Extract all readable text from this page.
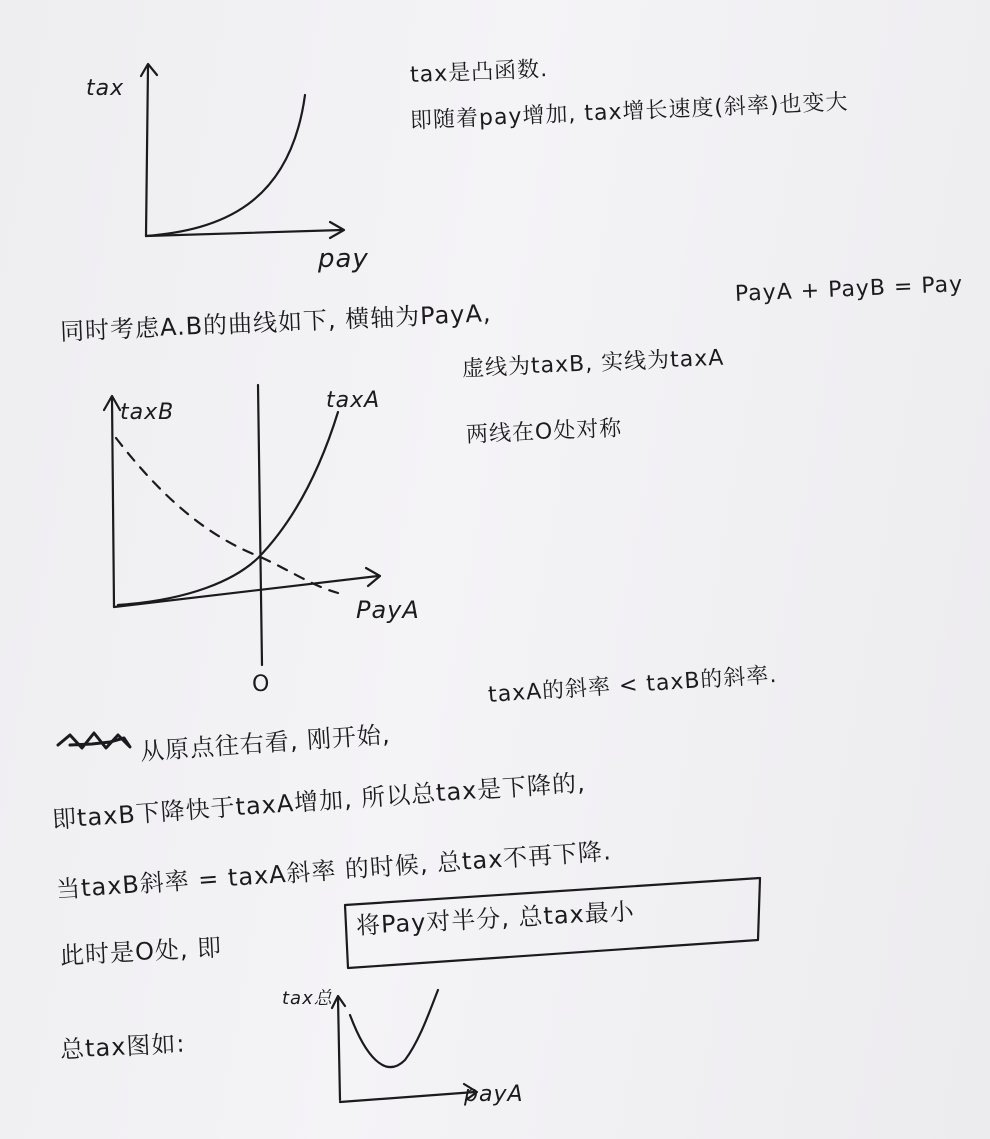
tax
pay
tax是凸函数.
即随着pay增加, tax增长速度(斜率)也变大
同时考虑A.B的曲线如下, 横轴为PayA,
PayA + PayB = Pay
虚线为taxB, 实线为taxA
两线在O处对称
taxB	taxA
PayA
O	taxA的斜率 < taxB的斜率.
从原点往右看, 刚开始,
即taxB下降快于taxA增加, 所以总tax是下降的,
当taxB斜率 = taxA斜率 的时候, 总tax不再下降.
此时是O处, 即
将Pay对半分, 总tax最小
总tax图如:
tax总
payA
